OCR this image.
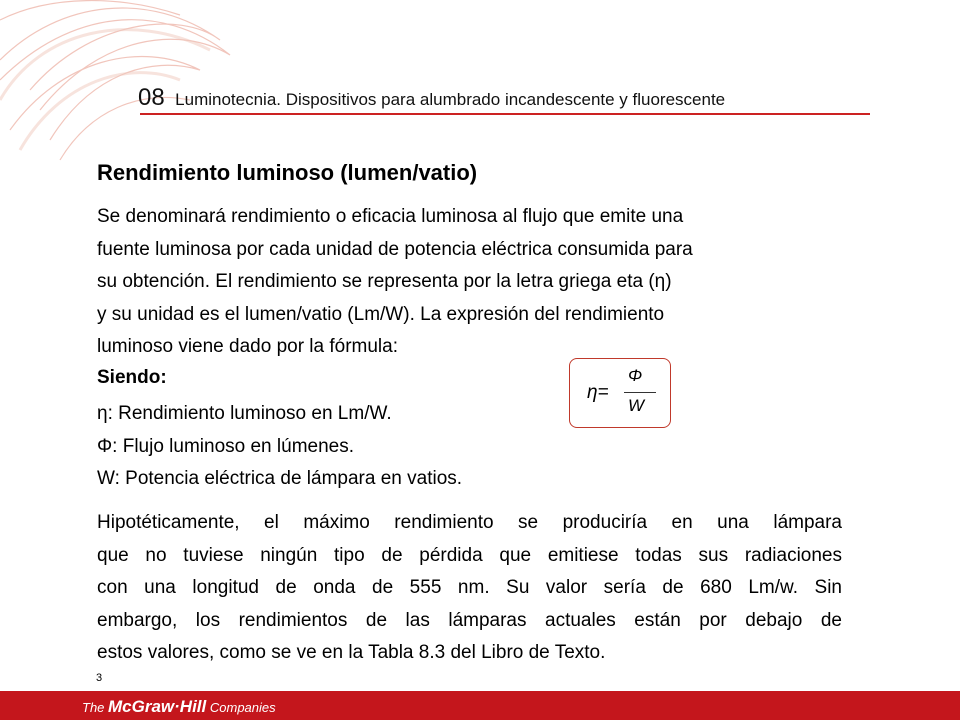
08 Luminotecnia. Dispositivos para alumbrado incandescente y fluorescente
Rendimiento luminoso (lumen/vatio)
Se denominará rendimiento o eficacia luminosa al flujo que emite una
fuente luminosa por cada unidad de potencia eléctrica consumida para
su obtención. El rendimiento se representa por la letra griega eta (η)
y su unidad es el lumen/vatio (Lm/W). La expresión del rendimiento
luminoso viene dado por la fórmula:
Siendo:
η: Rendimiento luminoso en Lm/W.
Φ: Flujo luminoso en lúmenes.
W: Potencia eléctrica de lámpara en vatios.
η=
Φ
W
Hipotéticamente, el máximo rendimiento se produciría en una lámpara
que no tuviese ningún tipo de pérdida que emitiese todas sus radiaciones
con una longitud de onda de 555 nm. Su valor sería de 680 Lm/w. Sin
embargo, los rendimientos de las lámparas actuales están por debajo de
estos valores, como se ve en la Tabla 8.3 del Libro de Texto.
3
The McGraw·Hill Companies
